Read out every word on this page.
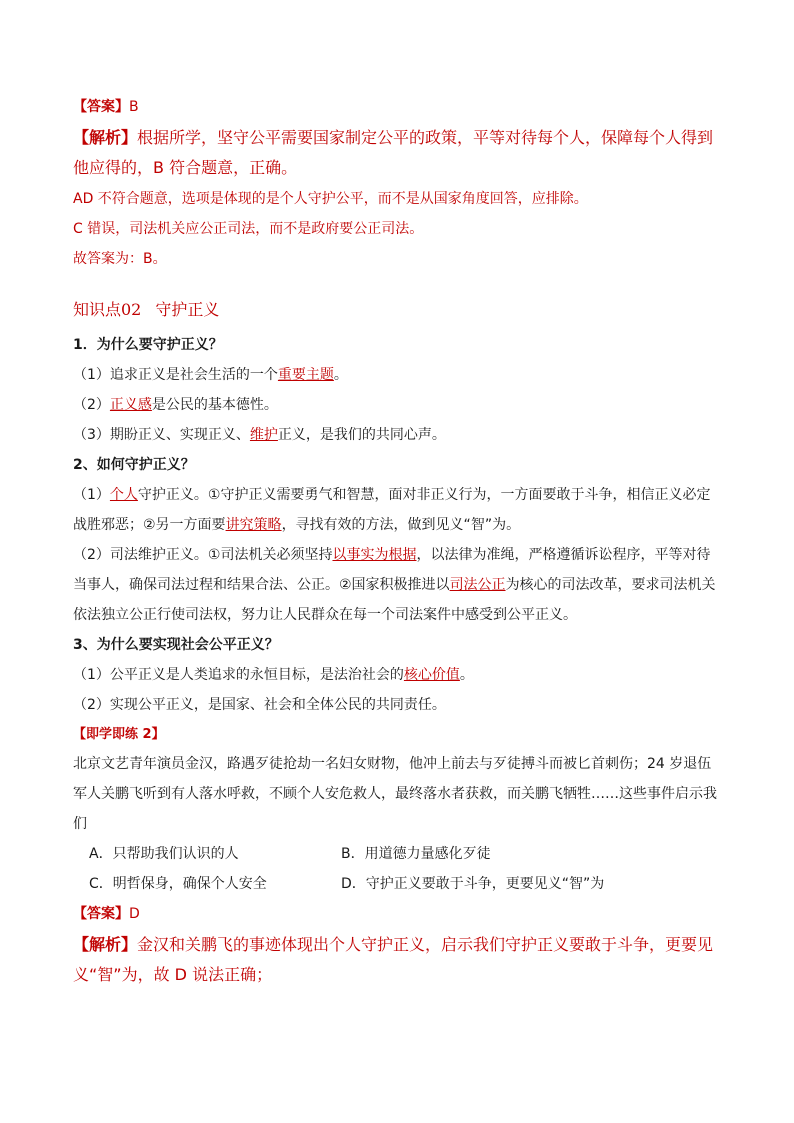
【答案】B
【解析】根据所学，坚守公平需要国家制定公平的政策，平等对待每个人，保障每个人得到他应得的，B 符合题意，正确。
AD 不符合题意，选项是体现的是个人守护公平，而不是从国家角度回答，应排除。
C 错误，司法机关应公正司法，而不是政府要公正司法。
故答案为：B。
知识点02 守护正义
1．为什么要守护正义？
（1）追求正义是社会生活的一个重要主题。
（2）正义感是公民的基本德性。
（3）期盼正义、实现正义、维护正义，是我们的共同心声。
2、如何守护正义？
（1）个人守护正义。①守护正义需要勇气和智慧，面对非正义行为，一方面要敢于斗争，相信正义必定战胜邪恶；②另一方面要讲究策略，寻找有效的方法，做到见义“智”为。
（2）司法维护正义。①司法机关必须坚持以事实为根据，以法律为准绳，严格遵循诉讼程序，平等对待当事人，确保司法过程和结果合法、公正。②国家积极推进以司法公正为核心的司法改革，要求司法机关依法独立公正行使司法权，努力让人民群众在每一个司法案件中感受到公平正义。
3、为什么要实现社会公平正义？
（1）公平正义是人类追求的永恒目标，是法治社会的核心价值。
（2）实现公平正义，是国家、社会和全体公民的共同责任。
【即学即练 2】
北京文艺青年演员金汉，路遇歹徒抢劫一名妇女财物，他冲上前去与歹徒搏斗而被匕首刺伤；24 岁退伍军人关鹏飞听到有人落水呼救，不顾个人安危救人，最终落水者获救，而关鹏飞牺牲……这些事件启示我们
A．只帮助我们认识的人	B．用道德力量感化歹徒
C．明哲保身，确保个人安全	D．守护正义要敢于斗争，更要见义“智”为
【答案】D
【解析】金汉和关鹏飞的事迹体现出个人守护正义，启示我们守护正义要敢于斗争，更要见义“智”为，故 D 说法正确；
